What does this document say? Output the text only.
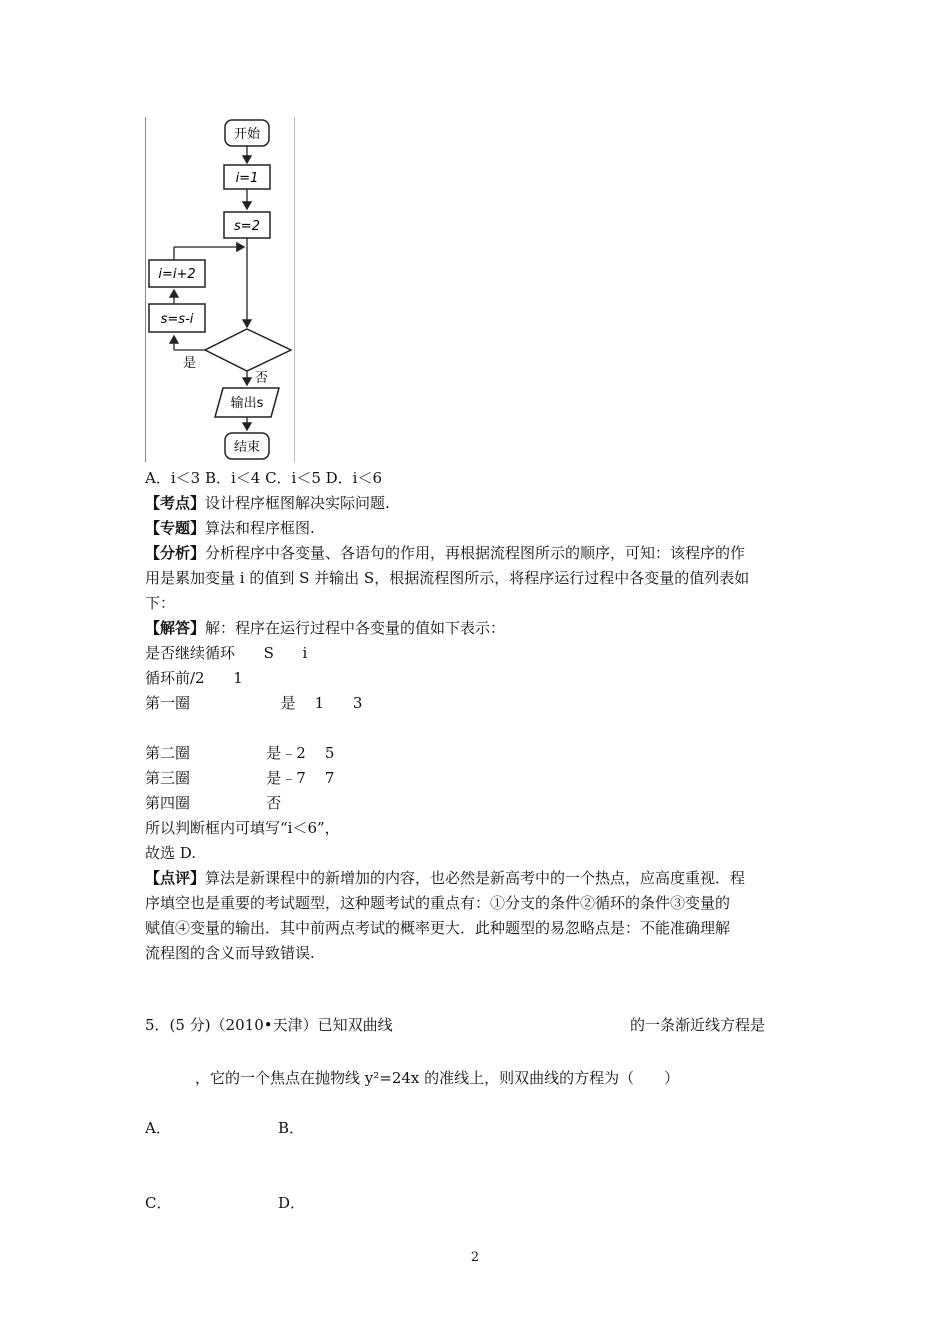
开始
i=1
s=2
是
s=s-i
i=i+2
否
输出s
结束
A．i＜3 B．i＜4 C．i＜5 D．i＜6
【考点】设计程序框图解决实际问题.
【专题】算法和程序框图.
【分析】分析程序中各变量、各语句的作用，再根据流程图所示的顺序，可知：该程序的作
用是累加变量 i 的值到 S 并输出 S，根据流程图所示，将程序运行过程中各变量的值列表如
下：
【解答】解：程序在运行过程中各变量的值如下表示：
是否继续循环      S      i
循环前/2      1
第一圈                   是    1      3
第二圈                是﹣2    5
第三圈                是﹣7    7
第四圈                否
所以判断框内可填写“i＜6”，
故选 D.
【点评】算法是新课程中的新增加的内容，也必然是新高考中的一个热点，应高度重视．程
序填空也是重要的考试题型，这种题考试的重点有：①分支的条件②循环的条件③变量的
赋值④变量的输出．其中前两点考试的概率更大．此种题型的易忽略点是：不能准确理解
流程图的含义而导致错误.
5．(5 分)（2010•天津）已知双曲线	的一条渐近线方程是
，它的一个焦点在抛物线 y²=24x 的准线上，则双曲线的方程为（　　）
A．	B．
C．	D．
2
